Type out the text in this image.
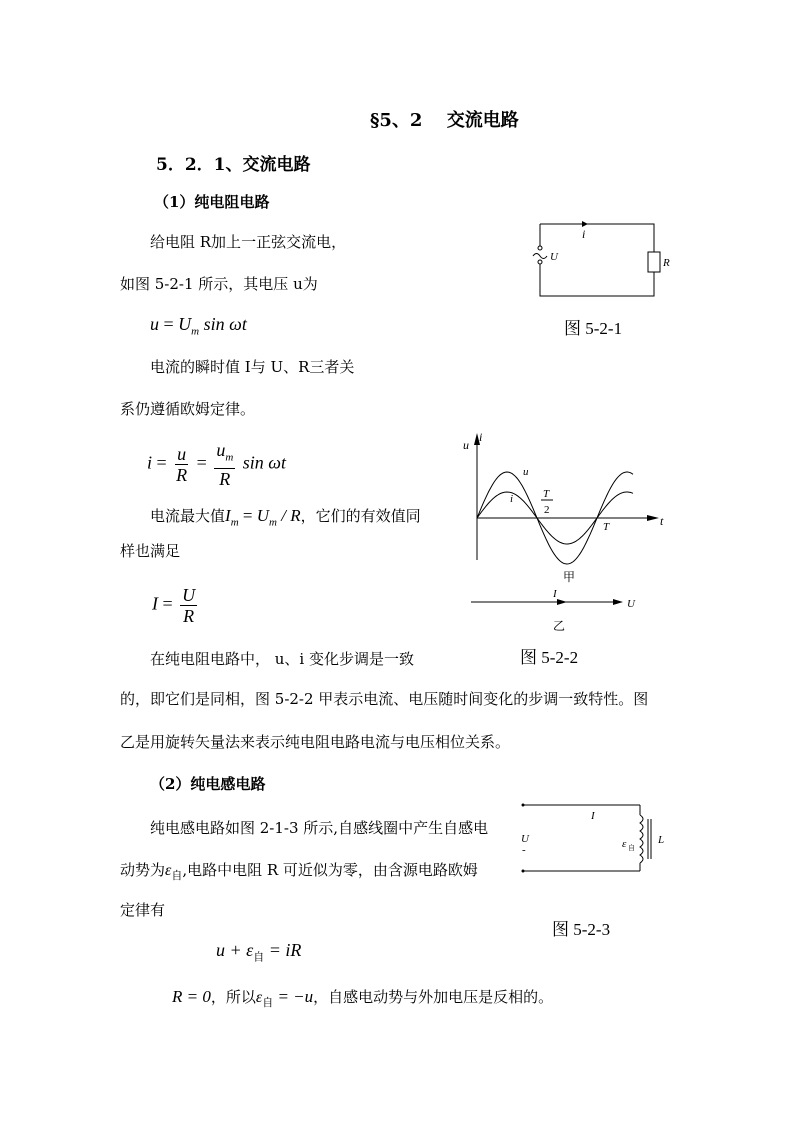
§5、2　 交流电路
5．2．1、交流电路
（1）纯电阻电路
给电阻 R加上一正弦交流电，
如图 5-2-1 所示，其电压 u为
$u = U_m$ sin ωt
电流的瞬时值 I与 U、R三者关
系仍遵循欧姆定律。
$i = \frac{u}{R} = \frac{u_m}{R}$ sin ωt
电流最大值$I_m = U_m / R$，它们的有效值同
样也满足
$I = \frac{U}{R}$
在纯电阻电路中， u、i 变化步调是一致
的，即它们是同相，图 5-2-2 甲表示电流、电压随时间变化的步调一致特性。图
乙是用旋转矢量法来表示纯电阻电路电流与电压相位关系。
（2）纯电感电路
纯电感电路如图 2-1-3 所示,自感线圈中产生自感电
动势为$\varepsilon_自$,电路中电阻 R 可近似为零，由含源电路欧姆
定律有
$u + \varepsilon_自$ = iR
R = 0，所以$\varepsilon_自 = -u$，自感电动势与外加电压是反相的。
i
U	R
图 5-2-1
u
i
t
u
i	T
2
T
甲
I
U
乙
图 5-2-2
I
U
-	ε 自
L
图 5-2-3
